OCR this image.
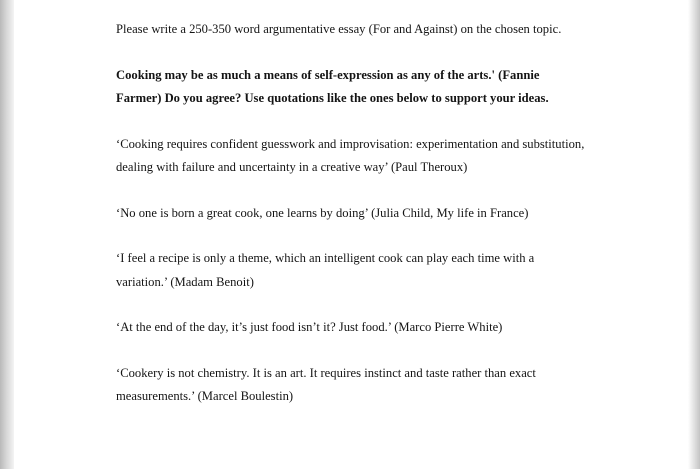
Please write a 250-350 word argumentative essay (For and Against) on the chosen topic.

Cooking may be as much a means of self-expression as any of the arts.' (Fannie Farmer) Do you agree? Use quotations like the ones below to support your ideas.

‘Cooking requires confident guesswork and improvisation: experimentation and substitution, dealing with failure and uncertainty in a creative way’ (Paul Theroux)

‘No one is born a great cook, one learns by doing’ (Julia Child, My life in France)

‘I feel a recipe is only a theme, which an intelligent cook can play each time with a variation.’ (Madam Benoit)

‘At the end of the day, it’s just food isn’t it? Just food.’ (Marco Pierre White)

‘Cookery is not chemistry. It is an art. It requires instinct and taste rather than exact measurements.’ (Marcel Boulestin)
